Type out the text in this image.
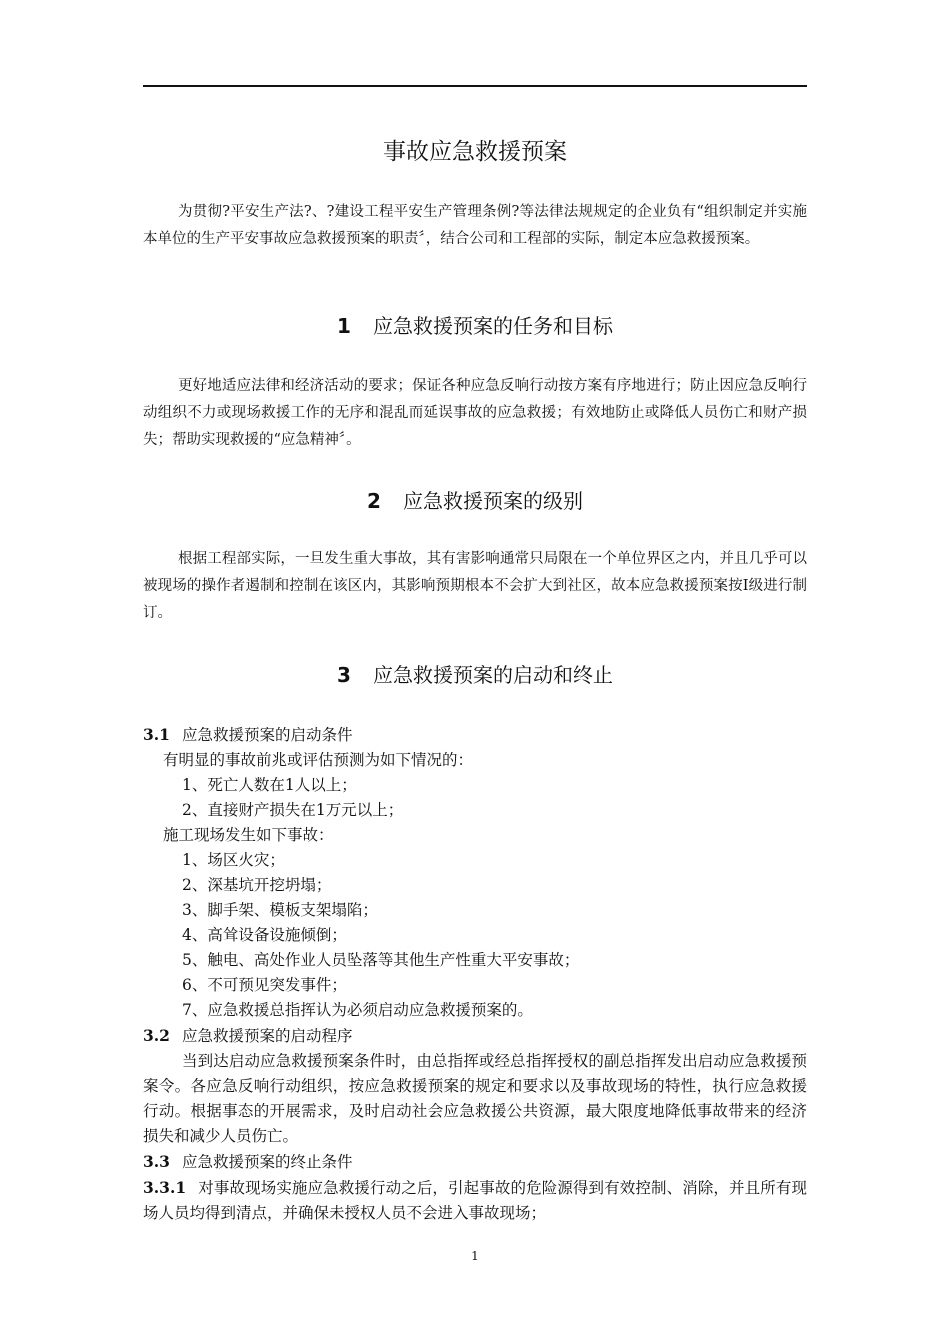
事故应急救援预案
为贯彻?平安生产法?、?建设工程平安生产管理条例?等法律法规规定的企业负有“组织制定并实施本单位的生产平安事故应急救援预案的职责〞，结合公司和工程部的实际，制定本应急救援预案。
1 应急救援预案的任务和目标
更好地适应法律和经济活动的要求；保证各种应急反响行动按方案有序地进行；防止因应急反响行动组织不力或现场救援工作的无序和混乱而延误事故的应急救援；有效地防止或降低人员伤亡和财产损失；帮助实现救援的“应急精神〞。
2 应急救援预案的级别
根据工程部实际，一旦发生重大事故，其有害影响通常只局限在一个单位界区之内，并且几乎可以被现场的操作者遏制和控制在该区内，其影响预期根本不会扩大到社区，故本应急救援预案按Ⅰ级进行制订。
3 应急救援预案的启动和终止
3.1 应急救援预案的启动条件
有明显的事故前兆或评估预测为如下情况的：
1、死亡人数在1人以上；
2、直接财产损失在1万元以上；
施工现场发生如下事故：
1、场区火灾；
2、深基坑开挖坍塌；
3、脚手架、模板支架塌陷；
4、高耸设备设施倾倒；
5、触电、高处作业人员坠落等其他生产性重大平安事故；
6、不可预见突发事件；
7、应急救援总指挥认为必须启动应急救援预案的。
3.2 应急救援预案的启动程序
当到达启动应急救援预案条件时，由总指挥或经总指挥授权的副总指挥发出启动应急救援预案令。各应急反响行动组织，按应急救援预案的规定和要求以及事故现场的特性，执行应急救援行动。根据事态的开展需求，及时启动社会应急救援公共资源，最大限度地降低事故带来的经济损失和减少人员伤亡。
3.3 应急救援预案的终止条件
3.3.1 对事故现场实施应急救援行动之后，引起事故的危险源得到有效控制、消除，并且所有现场人员均得到清点，并确保未授权人员不会进入事故现场；
1
